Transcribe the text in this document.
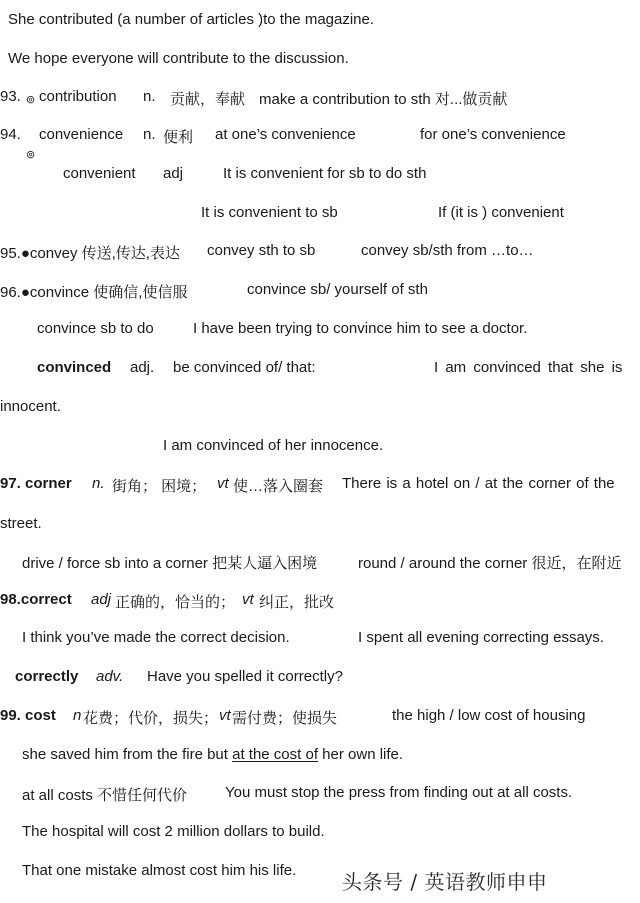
She contributed (a number of articles )to the magazine.
We hope everyone will contribute to the discussion.
93. $_⊚$ contribution n. 贡献，奉献 make a contribution to sth 对...做贡献
94.
$_⊚$
convenience n. 便利 at one’s convenience	for one’s convenience
convenient adj	It is convenient for sb to do sth
It is convenient to sb	If (it is ) convenient
95.●convey 传送,传达,表达 convey sth to sb	convey sb/sth from …to…
96.●convince 使确信,使信服	convince sb/ yourself of sth
convince sb to do	I have been trying to convince him to see a doctor.
convinced adj. be convinced of/ that:	I am convinced that she is
innocent.
I am convinced of her innocence.
97. corner n. 街角； 困境； vt 使…落入圈套 There is a hotel on / at the corner of the
street.
drive / force sb into a corner 把某人逼入困境	round / around the corner 很近，在附近
98.correct adj 正确的，恰当的； vt 纠正，批改
I think you’ve made the correct decision.	I spent all evening correcting essays.
correctly adv. Have you spelled it correctly?
99. cost n 花费；代价，损失； vt 需付费；使损失	the high / low cost of housing
she saved him from the fire but at the cost of her own life.
at all costs 不惜任何代价	You must stop the press from finding out at all costs.
The hospital will cost 2 million dollars to build.
That one mistake almost cost him his life. 头条号 / 英语教师申申
